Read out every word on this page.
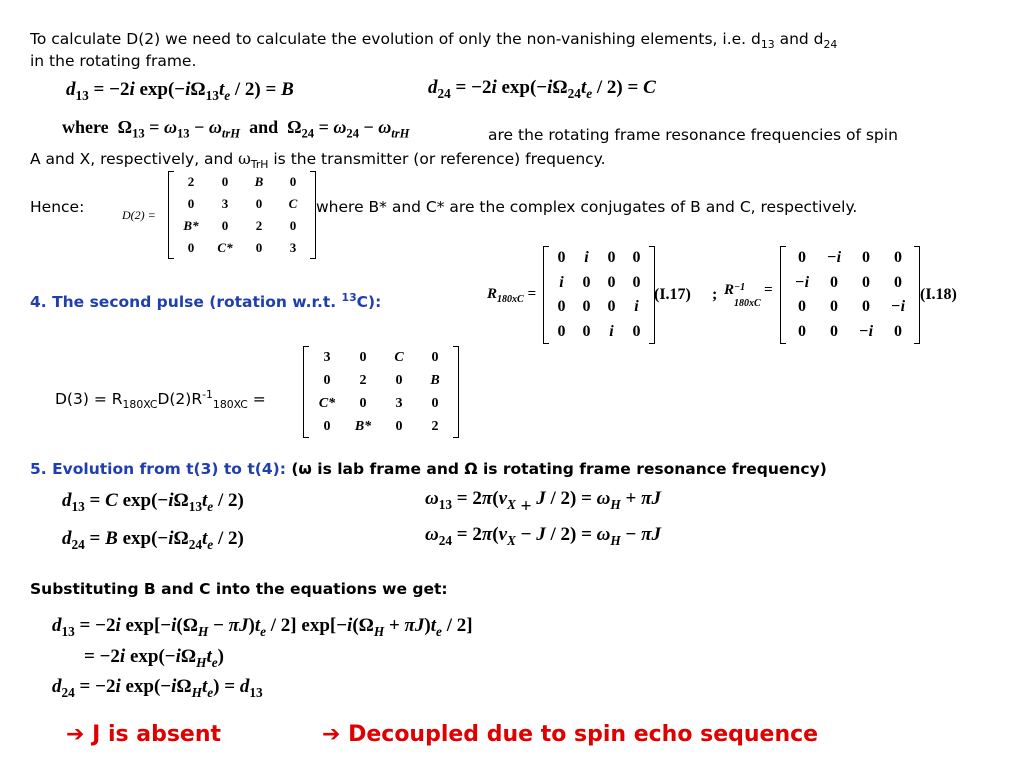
To calculate D(2) we need to calculate the evolution of only the non-vanishing elements, i.e. $d_{13}$ and $d_{24}$
in the rotating frame.
$d_{13} = -2i$ $\exp(-i\Omega_{13}t_e / 2) = B$	$d_{24} = -2i$ $\exp(-i\Omega_{24}t_e / 2) = C$
where  $\Omega_{13} = \omega_{13} - \omega_{trH}$  and  $\Omega_{24} = \omega_{24} - \omega_{trH}$	are the rotating frame resonance frequencies of spin
A and X, respectively, and $\omega_{TrH}$ is the transmitter (or reference) frequency.
Hence:	D(2) =
2	0	B	0
0	3	0	C
B*	0	2	0
0	C*	0	3
where B* and C* are the complex conjugates of B and C, respectively.
4. The second pulse (rotation w.r.t. $^{13}$C):	$R_{180xC}$ =
0	i	0	0
i	0	0	0
0	0	0	i
0	0	i	0
(I.17) ; R −1
180xC
=
0	−i	0	0
−i	0	0	0
0	0	0	−i
0	0	−i	0
(I.18)
$D(3) = R_{180XC}D(2)R^{-1}_{180XC}$ =
3	0	C	0
0	2	0	B
C*	0	3	0
0	B*	0	2
5. Evolution from t(3) to t(4): (ω is lab frame and Ω is rotating frame resonance frequency)
$d_{13} = C$ $\exp(-i\Omega_{13}t_e / 2)$
$d_{24} = B$ $\exp(-i\Omega_{24}t_e / 2)$
$\omega_{13} = 2\pi(\nu_X + J / 2) = \omega_H + \pi J$
$\omega_{24} = 2\pi(\nu_X - J / 2) = \omega_H - \pi J$
Substituting B and C into the equations we get:
$d_{13} = -2i$ $\exp[-i(\Omega_H - \pi J)t_e / 2] \exp[-i(\Omega_H + \pi J)t_e / 2]$
= −2i $\exp(-i\Omega_Ht_e)$
$d_{24} = -2i$ $\exp(-i\Omega_Ht_e) = d_{13}$
➔ J is absent	➔ Decoupled due to spin echo sequence
